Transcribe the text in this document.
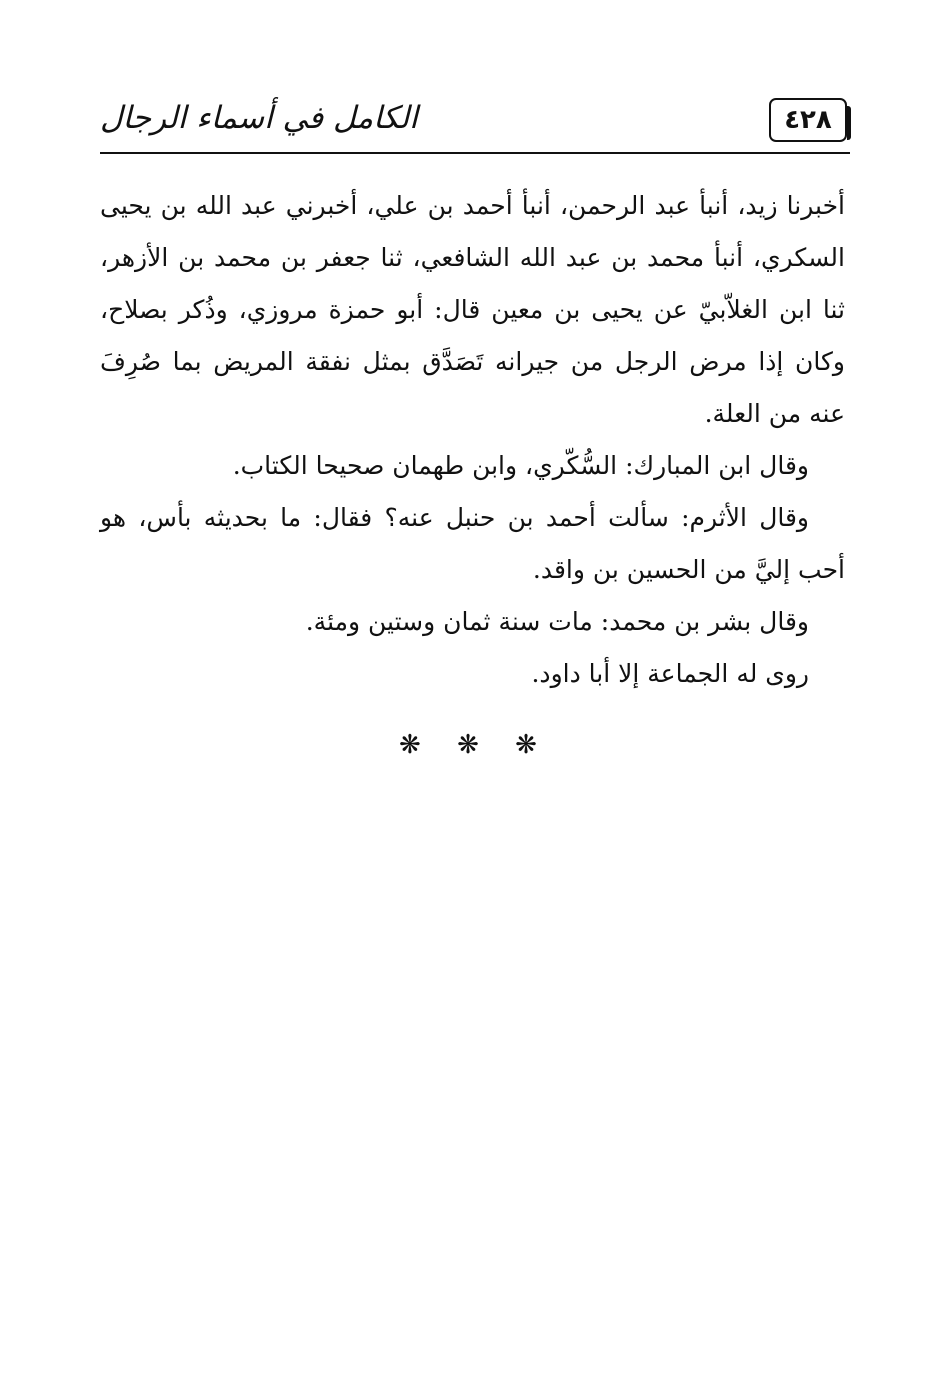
الكامل في أسماء الرجال	٤٢٨

أخبرنا زيد، أنبأ عبد الرحمن، أنبأ أحمد بن علي، أخبرني عبد الله بن يحيى السكري، أنبأ محمد بن عبد الله الشافعي، ثنا جعفر بن محمد بن الأزهر، ثنا ابن الغلاّبيّ عن يحيى بن معين قال: أبو حمزة مروزي، وذُكر بصلاح، وكان إذا مرض الرجل من جيرانه تَصَدَّق بمثل نفقة المريض بما صُرِفَ عنه من العلة.

وقال ابن المبارك: السُّكّري، وابن طهمان صحيحا الكتاب.

وقال الأثرم: سألت أحمد بن حنبل عنه؟ فقال: ما بحديثه بأس، هو أحب إليَّ من الحسين بن واقد.

وقال بشر بن محمد: مات سنة ثمان وستين ومئة.

روى له الجماعة إلا أبا داود.

❋ ❋ ❋
